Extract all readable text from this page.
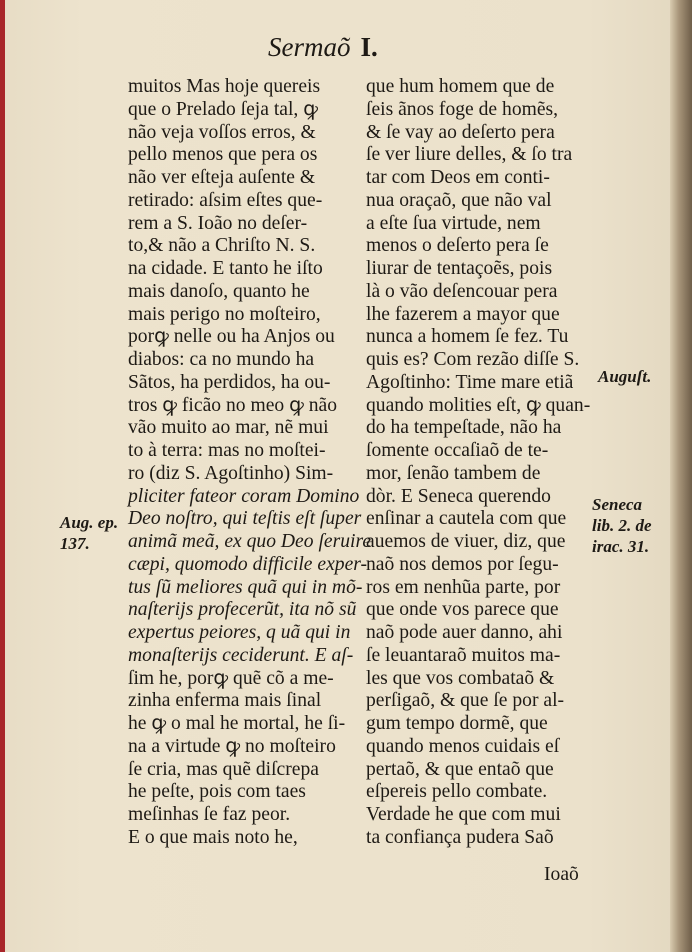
Sermaõ I.
muitos Mas hoje quereis
que o Prelado ſeja tal, ꝙ
não veja voſſos erros, &
pello menos que pera os
não ver eſteja auſente &
retirado: aſsim eſtes que-
rem a S. Ioão no deſer-
to,& não a Chriſto N. S.
na cidade. E tanto he iſto
mais danoſo, quanto he
mais perigo no moſteiro,
porꝙ nelle ou ha Anjos ou
diabos: ca no mundo ha
Sãtos, ha perdidos, ha ou-
tros ꝙ ficão no meo ꝙ não
vão muito ao mar, nẽ mui
to à terra: mas no moſtei-
ro (diz S. Agoſtinho) Sim-
pliciter fateor coram Domino
Deo noſtro, qui teſtis eſt ſuper
animã meã, ex quo Deo ſeruire
cæpi, quomodo difficile exper-
tus ſũ meliores quã qui in mõ-
naſterijs profecerũt, ita nõ sũ
expertus peiores, q uã qui in
monaſterijs ceciderunt. E aſ-
ſim he, porꝙ quẽ cõ a me-
zinha enferma mais ſinal
he ꝙ o mal he mortal, he ſi-
na a virtude ꝙ no moſteiro
ſe cria, mas quẽ diſcrepa
he peſte, pois com taes
meſinhas ſe faz peor.
E o que mais noto he,
que hum homem que de
ſeis ãnos foge de homẽs,
& ſe vay ao deſerto pera
ſe ver liure delles, & ſo tra
tar com Deos em conti-
nua oraçaõ, que não val
a eſte ſua virtude, nem
menos o deſerto pera ſe
liurar de tentaçoẽs, pois
là o vão deſencouar pera
lhe fazerem a mayor que
nunca a homem ſe fez. Tu
quis es? Com rezão diſſe S.
Agoſtinho: Time mare etiã
quando molities eſt, ꝙ quan-
do ha tempeſtade, não ha
ſomente occaſiaõ de te-
mor, ſenão tambem de
dòr. E Seneca querendo
enſinar a cautela com que
auemos de viuer, diz, que
naõ nos demos por ſegu-
ros em nenhũa parte, por
que onde vos parece que
naõ pode auer danno, ahi
ſe leuantaraõ muitos ma-
les que vos combataõ &
perſigaõ, & que ſe por al-
gum tempo dormẽ, que
quando menos cuidais eſ
pertaõ, & que entaõ que
eſpereis pello combate.
Verdade he que com mui
ta confiança pudera Saõ
Aug. ep.
137.
Auguſt.
Seneca
lib. 2. de
irac. 31.
Ioaõ
